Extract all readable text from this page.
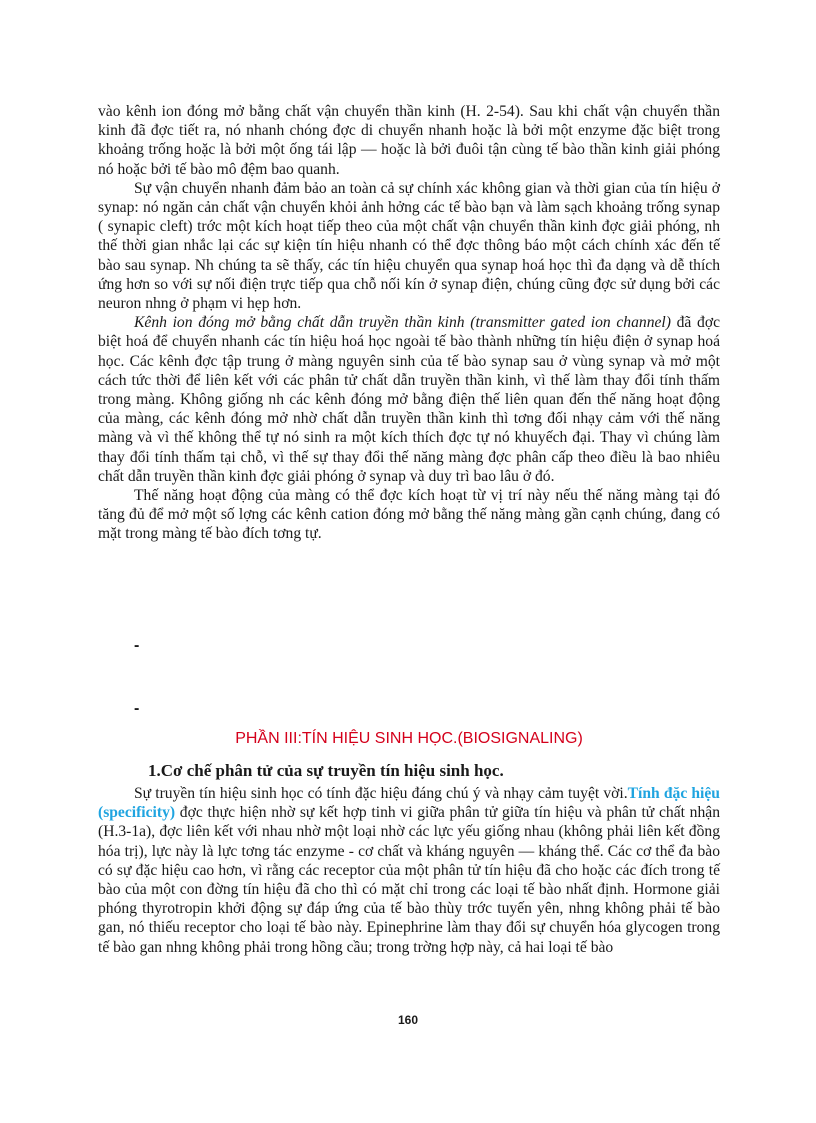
vào kênh ion đóng mở bằng chất vận chuyển thần kinh (H. 2-54). Sau khi chất vận chuyển thần kinh đã đợc tiết ra, nó nhanh chóng đợc di chuyển nhanh hoặc là bởi một enzyme đặc biệt trong khoảng trống hoặc là bởi một ống tái lập — hoặc là bởi đuôi tận cùng tế bào thần kinh giải phóng nó hoặc bởi tế bào mô đệm bao quanh.

Sự vận chuyển nhanh đảm bảo an toàn cả sự chính xác không gian và thời gian của tín hiệu ở synap: nó ngăn cản chất vận chuyển khỏi ảnh hởng các tế bào bạn và làm sạch khoảng trống synap ( synapic cleft) trớc một kích hoạt tiếp theo của một chất vận chuyển thần kinh đợc giải phóng, nh thế thời gian nhắc lại các sự kiện tín hiệu nhanh có thể đợc thông báo một cách chính xác đến tế bào sau synap. Nh chúng ta sẽ thấy, các tín hiệu chuyển qua synap hoá học thì đa dạng và dễ thích ứng hơn so với sự nối điện trực tiếp qua chỗ nối kín ở synap điện, chúng cũng đợc sử dụng bởi các neuron nhng ở phạm vi hẹp hơn.

Kênh ion đóng mở bằng chất dẫn truyền thần kinh (transmitter gated ion channel) đã đợc biệt hoá để chuyển nhanh các tín hiệu hoá học ngoài tế bào thành những tín hiệu điện ở synap hoá học. Các kênh đợc tập trung ở màng nguyên sinh của tế bào synap sau ở vùng synap và mở một cách tức thời để liên kết với các phân tử chất dẫn truyền thần kinh, vì thế làm thay đổi tính thấm trong màng. Không giống nh các kênh đóng mở bằng điện thế liên quan đến thế năng hoạt động của màng, các kênh đóng mở nhờ chất dẫn truyền thần kinh thì tơng đối nhạy cảm với thế năng màng và vì thế không thể tự nó sinh ra một kích thích đợc tự nó khuyếch đại. Thay vì chúng làm thay đổi tính thấm tại chỗ, vì thế sự thay đổi thế năng màng đợc phân cấp theo điều là bao nhiêu chất dẫn truyền thần kinh đợc giải phóng ở synap và duy trì bao lâu ở đó.

Thế năng hoạt động của màng có thể đợc kích hoạt từ vị trí này nếu thế năng màng tại đó tăng đủ để mở một số lợng các kênh cation đóng mở bằng thế năng màng gần cạnh chúng, đang có mặt trong màng tế bào đích tơng tự.

-
-
PHẦN III:TÍN HIỆU SINH HỌC.(BIOSIGNALING)
1.Cơ chế phân tử của sự truyền tín hiệu sinh học.

Sự truyền tín hiệu sinh học có tính đặc hiệu đáng chú ý và nhạy cảm tuyệt vời.Tính đặc hiệu (specificity) đợc thực hiện nhờ sự kết hợp tinh vi giữa phân tử giữa tín hiệu và phân tử chất nhận (H.3-1a), đợc liên kết với nhau nhờ một loại nhờ các lực yếu giống nhau (không phải liên kết đồng hóa trị), lực này là lực tơng tác enzyme - cơ chất và kháng nguyên — kháng thể. Các cơ thể đa bào có sự đặc hiệu cao hơn, vì rằng các receptor của một phân tử tín hiệu đã cho hoặc các đích trong tế bào của một con đờng tín hiệu đã cho thì có mặt chỉ trong các loại tế bào nhất định. Hormone giải phóng thyrotropin khởi động sự đáp ứng của tế bào thùy trớc tuyến yên, nhng không phải tế bào gan, nó thiếu receptor cho loại tế bào này. Epinephrine làm thay đổi sự chuyển hóa glycogen trong tế bào gan nhng không phải trong hồng cầu; trong trờng hợp này, cả hai loại tế bào

160
